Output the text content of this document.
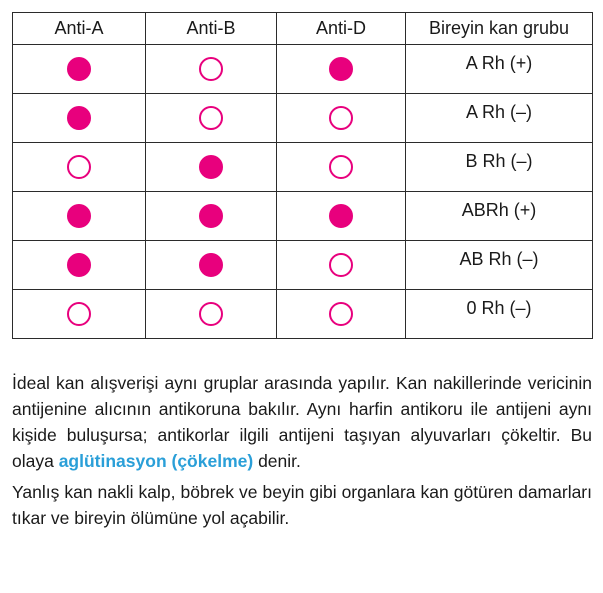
Anti-A	Anti-B	Anti-D	Bireyin kan grubu
			A Rh (+)
			A Rh (–)
			B Rh (–)
			ABRh (+)
			AB Rh (–)
			0 Rh (–)

İdeal kan alışverişi aynı gruplar arasında yapılır. Kan nakillerinde vericinin antijenine alıcının antikoruna bakılır. Aynı harfin antikoru ile antijeni aynı kişide buluşursa; antikorlar ilgili antijeni taşıyan alyuvarları çökeltir. Bu olaya aglütinasyon (çökelme) denir.

Yanlış kan nakli kalp, böbrek ve beyin gibi organlara kan götüren damarları tıkar ve bireyin ölümüne yol açabilir.
